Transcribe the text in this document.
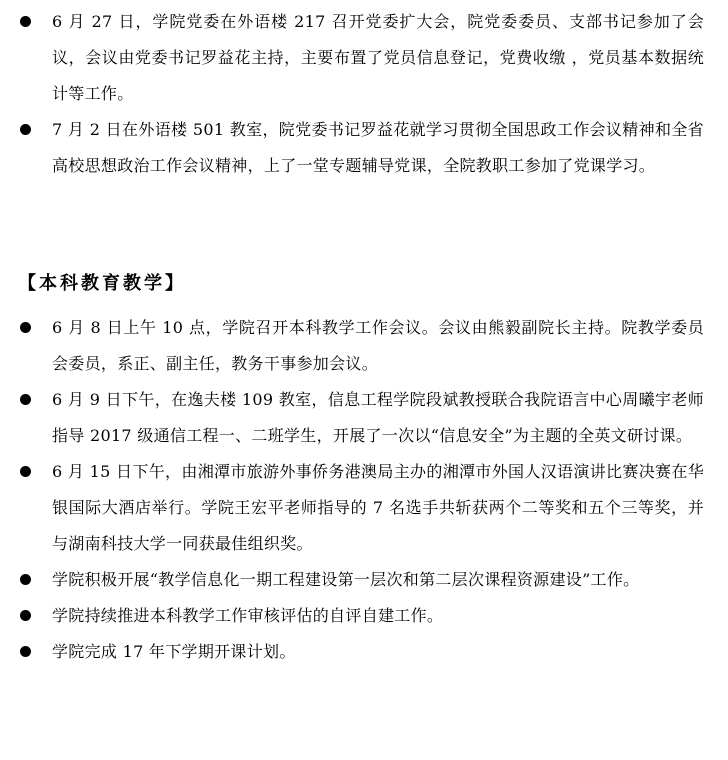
6 月 27 日，学院党委在外语楼 217 召开党委扩大会，院党委委员、支部书记参加了会议，会议由党委书记罗益花主持，主要布置了党员信息登记，党费收缴 ，党员基本数据统计等工作。
7 月 2 日在外语楼 501 教室，院党委书记罗益花就学习贯彻全国思政工作会议精神和全省高校思想政治工作会议精神，上了一堂专题辅导党课，全院教职工参加了党课学习。
【本科教育教学】
6 月 8 日上午 10 点，学院召开本科教学工作会议。会议由熊毅副院长主持。院教学委员会委员，系正、副主任，教务干事参加会议。
6 月 9 日下午，在逸夫楼 109 教室，信息工程学院段斌教授联合我院语言中心周曦宇老师指导 2017 级通信工程一、二班学生，开展了一次以“信息安全”为主题的全英文研讨课。
6 月 15 日下午，由湘潭市旅游外事侨务港澳局主办的湘潭市外国人汉语演讲比赛决赛在华银国际大酒店举行。学院王宏平老师指导的 7 名选手共斩获两个二等奖和五个三等奖，并与湖南科技大学一同获最佳组织奖。
学院积极开展“教学信息化一期工程建设第一层次和第二层次课程资源建设”工作。
学院持续推进本科教学工作审核评估的自评自建工作。
学院完成 17 年下学期开课计划。
